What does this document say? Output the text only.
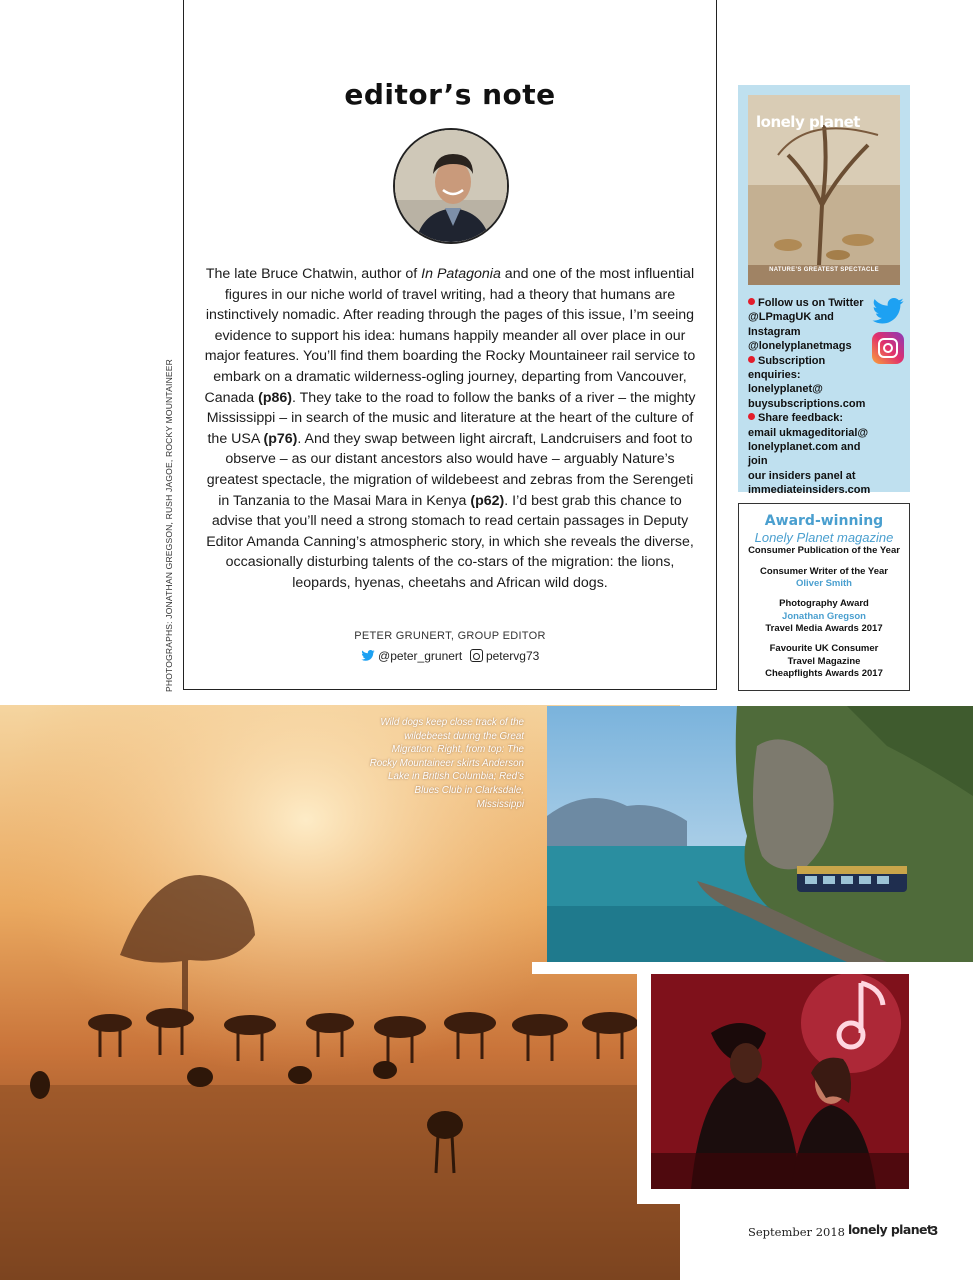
editor’s note

The late Bruce Chatwin, author of In Patagonia and one of the most influential figures in our niche world of travel writing, had a theory that humans are instinctively nomadic. After reading through the pages of this issue, I’m seeing evidence to support his idea: humans happily meander all over place in our major features. You’ll find them boarding the Rocky Mountaineer rail service to embark on a dramatic wilderness-ogling journey, departing from Vancouver, Canada (p86). They take to the road to follow the banks of a river – the mighty Mississippi – in search of the music and literature at the heart of the culture of the USA (p76). And they swap between light aircraft, Landcruisers and foot to observe – as our distant ancestors also would have – arguably Nature’s greatest spectacle, the migration of wildebeest and zebras from the Serengeti in Tanzania to the Masai Mara in Kenya (p62). I’d best grab this chance to advise that you’ll need a strong stomach to read certain passages in Deputy Editor Amanda Canning’s atmospheric story, in which she reveals the diverse, occasionally disturbing talents of the co-stars of the migration: the lions, leopards, hyenas, cheetahs and African wild dogs.

PETER GRUNERT, GROUP EDITOR
@peter_grunert petervg73
PHOTOGRAPHS: JONATHAN GREGSON, RUSH JAGOE, ROCKY MOUNTAINEER
lonely planet
NATURE’S GREATEST SPECTACLE
Follow us on Twitter
@LPmagUK and
Instagram
@lonelyplanetmags
Subscription
enquiries:
lonelyplanet@
buysubscriptions.com
Share feedback:
email ukmageditorial@
lonelyplanet.com and join
our insiders panel at
immediateinsiders.com
Award-winning
Lonely Planet magazine
Consumer Publication of the Year
Consumer Writer of the Year
Oliver Smith
Photography Award
Jonathan Gregson
Travel Media Awards 2017
Favourite UK Consumer
Travel Magazine
Cheapflights Awards 2017

Wild dogs keep close track of the wildebeest during the Great Migration. Right, from top: The Rocky Mountaineer skirts Anderson Lake in British Columbia; Red’s Blues Club in Clarksdale, Mississippi

September 2018 lonely planet
3
